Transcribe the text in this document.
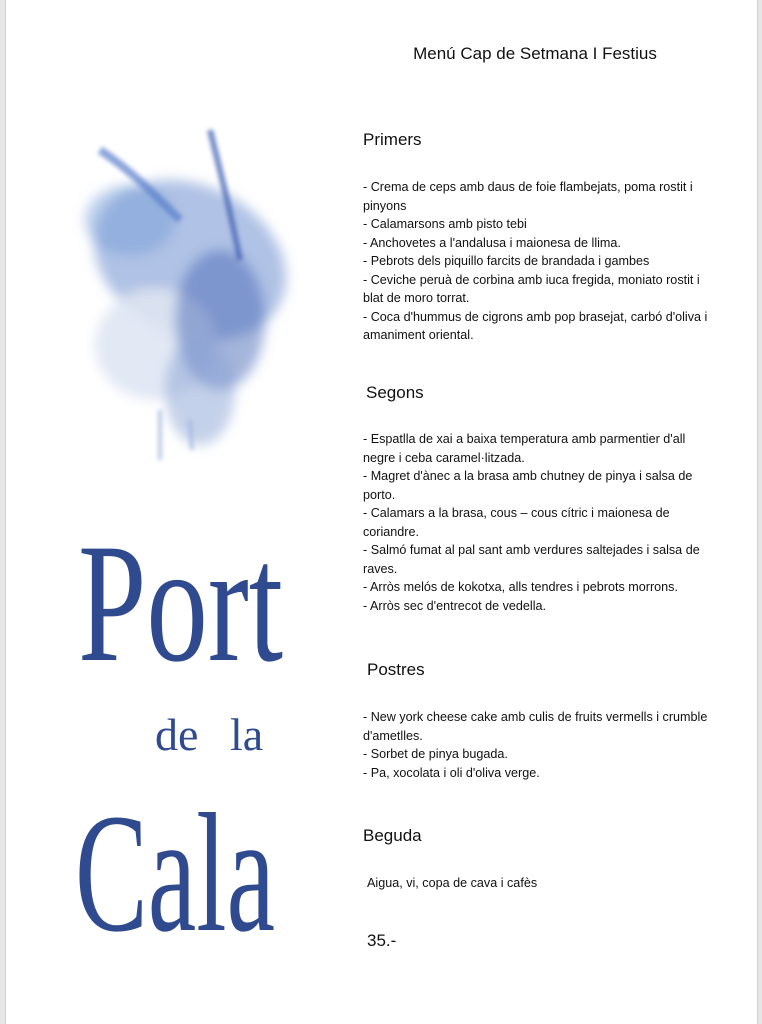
Port
de la
Cala
Menú Cap de Setmana I Festius
Primers
- Crema de ceps amb daus de foie flambejats, poma rostit i pinyons
- Calamarsons amb pisto tebi
- Anchovetes a l'andalusa i maionesa de llima.
- Pebrots dels piquillo farcits de brandada i gambes
- Ceviche peruà de corbina amb iuca fregida, moniato rostit i blat de moro torrat.
- Coca d'hummus de cigrons amb pop brasejat, carbó d'oliva i amaniment oriental.
Segons
- Espatlla de xai a baixa temperatura amb parmentier d'all negre i ceba caramel·litzada.
- Magret d'ànec a la brasa amb chutney de pinya i salsa de porto.
- Calamars a la brasa, cous – cous cítric i maionesa de coriandre.
- Salmó fumat al pal sant amb verdures saltejades i salsa de raves.
- Arròs melós de kokotxa, alls tendres i pebrots morrons.
- Arròs sec d'entrecot de vedella.
Postres
- New york cheese cake amb culis de fruits vermells i crumble d'ametlles.
- Sorbet de pinya bugada.
- Pa, xocolata i oli d'oliva verge.
Beguda
Aigua, vi, copa de cava i cafès
35.-
